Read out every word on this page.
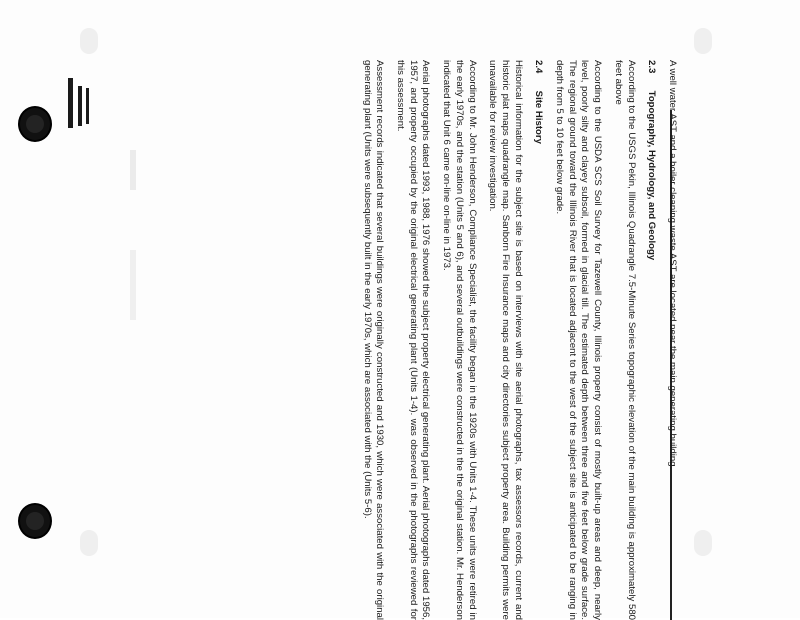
A well water AST and a boiler cleaning waste AST are located near the main generating building.

2.3 Topography, Hydrology, and Geology

According to the USGS Pekin, Illinois Quadrangle 7.5-Minute Series topographic elevation of the main building is approximately 580 feet above

According to the USDA SCS Soil Survey for Tazewell County, Illinois property consist of mostly built-up areas and deep, nearly level, poorly silty and clayey subsoil, formed in glacial till. The estimated depth between three and five feet below grade surface. The regional ground toward the Illinois River that is located adjacent to the west of the subject site is anticipated to be ranging in depth from 5 to 10 feet below grade.

2.4 Site History

Historical information for the subject site is based on interviews with site aerial photographs, tax assessors records, current and historic plat maps quadrangle map. Sanborn Fire Insurance maps and city directories subject property area. Building permits were unavailable for review investigation.

According to Mr. John Henderson, Compliance Specialist, the facility began in the 1920s with Units 1-4. These units were retired in the early 1970s, and the station (Units 5 and 6), and several outbuildings were constructed in the the original station. Mr. Henderson indicated that Unit 6 came on-line on-line in 1973.

Aerial photographs dated 1993, 1988, 1976 showed the subject property electrical generating plant. Aerial photographs dated 1956, 1957, and property occupied by the original electrical generating plant (Units 1-4). was observed in the photographs reviewed for this assessment.

Assessment records indicated that several buildings were originally constructed and 1930, which were associated with the original generating plant (Units were subsequently built in the early 1970s, which are associated with the (Units 5-6).
